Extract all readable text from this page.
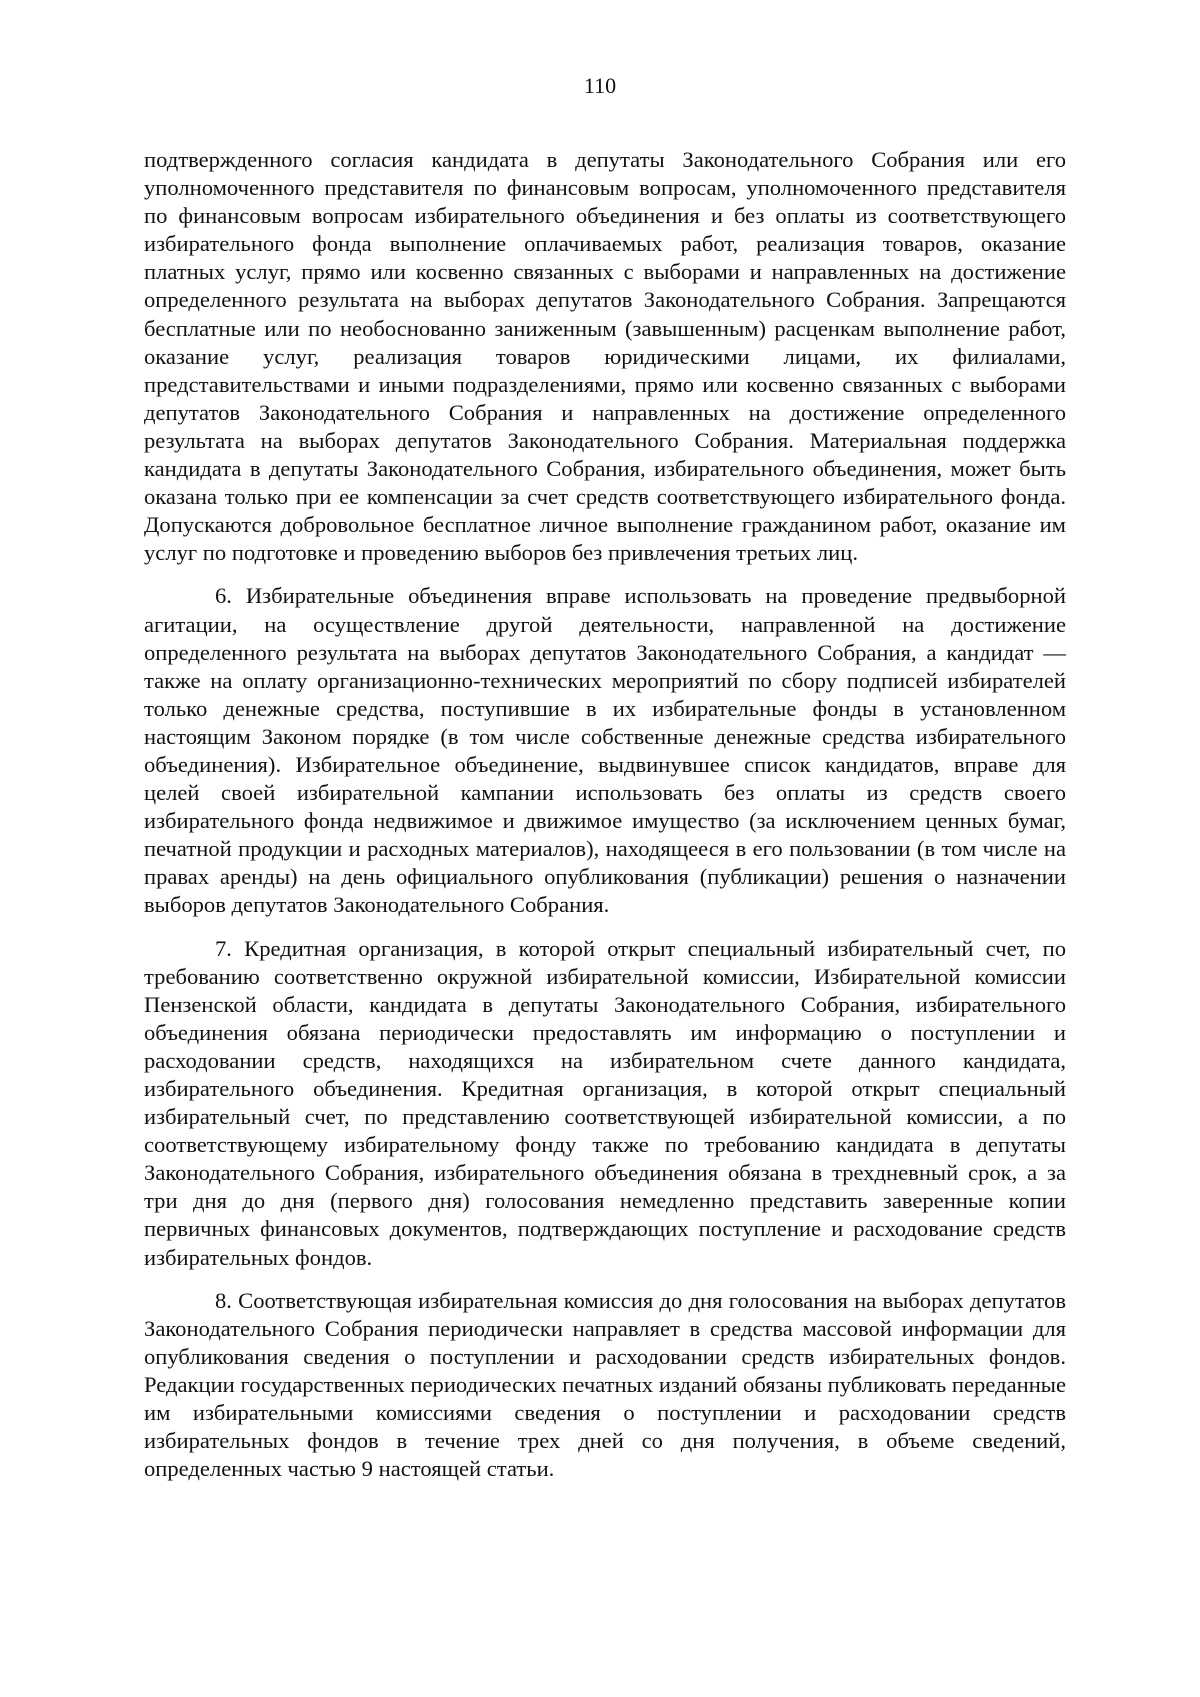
110

подтвержденного согласия кандидата в депутаты Законодательного Собрания или его уполномоченного представителя по финансовым вопросам, уполномоченного представителя по финансовым вопросам избирательного объединения и без оплаты из соответствующего избирательного фонда выполнение оплачиваемых работ, реализация товаров, оказание платных услуг, прямо или косвенно связанных с выборами и направленных на достижение определенного результата на выборах депутатов Законодательного Собрания. Запрещаются бесплатные или по необоснованно заниженным (завышенным) расценкам выполнение работ, оказание услуг, реализация товаров юридическими лицами, их филиалами, представительствами и иными подразделениями, прямо или косвенно связанных с выборами депутатов Законодательного Собрания и направленных на достижение определенного результата на выборах депутатов Законодательного Собрания. Материальная поддержка кандидата в депутаты Законодательного Собрания, избирательного объединения, может быть оказана только при ее компенсации за счет средств соответствующего избирательного фонда. Допускаются добровольное бесплатное личное выполнение гражданином работ, оказание им услуг по подготовке и проведению выборов без привлечения третьих лиц.

6. Избирательные объединения вправе использовать на проведение предвыборной агитации, на осуществление другой деятельности, направленной на достижение определенного результата на выборах депутатов Законодательного Собрания, а кандидат — также на оплату организационно-технических мероприятий по сбору подписей избирателей только денежные средства, поступившие в их избирательные фонды в установленном настоящим Законом порядке (в том числе собственные денежные средства избирательного объединения). Избирательное объединение, выдвинувшее список кандидатов, вправе для целей своей избирательной кампании использовать без оплаты из средств своего избирательного фонда недвижимое и движимое имущество (за исключением ценных бумаг, печатной продукции и расходных материалов), находящееся в его пользовании (в том числе на правах аренды) на день официального опубликования (публикации) решения о назначении выборов депутатов Законодательного Собрания.

7. Кредитная организация, в которой открыт специальный избирательный счет, по требованию соответственно окружной избирательной комиссии, Избирательной комиссии Пензенской области, кандидата в депутаты Законодательного Собрания, избирательного объединения обязана периодически предоставлять им информацию о поступлении и расходовании средств, находящихся на избирательном счете данного кандидата, избирательного объединения. Кредитная организация, в которой открыт специальный избирательный счет, по представлению соответствующей избирательной комиссии, а по соответствующему избирательному фонду также по требованию кандидата в депутаты Законодательного Собрания, избирательного объединения обязана в трехдневный срок, а за три дня до дня (первого дня) голосования немедленно представить заверенные копии первичных финансовых документов, подтверждающих поступление и расходование средств избирательных фондов.

8. Соответствующая избирательная комиссия до дня голосования на выборах депутатов Законодательного Собрания периодически направляет в средства массовой информации для опубликования сведения о поступлении и расходовании средств избирательных фондов. Редакции государственных периодических печатных изданий обязаны публиковать переданные им избирательными комиссиями сведения о поступлении и расходовании средств избирательных фондов в течение трех дней со дня получения, в объеме сведений, определенных частью 9 настоящей статьи.
